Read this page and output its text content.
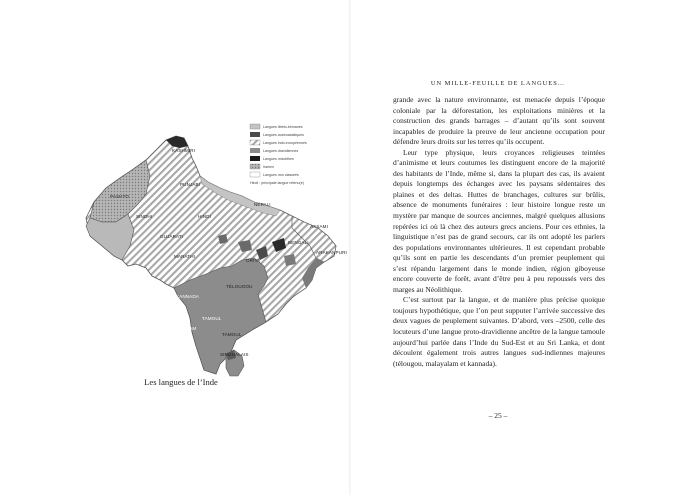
KASHMIRI
PASHTO
PUNJABI
SINDHI	HINDI
NÉPALI
ASSAMI
GUJARATI
BENGALI
ARAKANPURI
MARATHI
ORIYA
TÉLOUGOU
KANNADA
TAMOUL
MALAYALAM
TAMOUL
SINGHALAIS
Langues tibéto-birmanes
Langues austroasiatiques
Langues indo-européennes
Langues dravidiennes
Langues mixolithes
Iranien
Langues non classées
Hindi : principale langue retenu(e)
Les langues de l’Inde
UN MILLE-FEUILLE DE LANGUES…

grande avec la nature environnante, est menacée depuis l’époque coloniale par la déforestation, les exploitations minières et la construction des grands barrages – d’autant qu’ils sont souvent incapables de produire la preuve de leur ancienne occupation pour défendre leurs droits sur les terres qu’ils occupent.

Leur type physique, leurs croyances religieuses teintées d’animisme et leurs coutumes les distinguent encore de la majorité des habitants de l’Inde, même si, dans la plupart des cas, ils avaient depuis longtemps des échanges avec les paysans sédentaires des plaines et des deltas. Huttes de branchages, cultures sur brûlis, absence de monuments funéraires : leur histoire longue reste un mystère par manque de sources anciennes, malgré quelques allusions repérées ici où là chez des auteurs grecs anciens. Pour ces ethnies, la linguistique n’est pas de grand secours, car ils ont adopté les parlers des populations environnantes ultérieures. Il est cependant probable qu’ils sont en partie les descendants d’un premier peuplement qui s’est répandu largement dans le monde indien, région giboyeuse encore couverte de forêt, avant d’être peu à peu repoussés vers des marges au Néolithique.

C’est surtout par la langue, et de manière plus précise quoique toujours hypothétique, que l’on peut supputer l’arrivée successive des deux vagues de peuplement suivantes. D’abord, vers –2500, celle des locuteurs d’une langue proto-dravidienne ancêtre de la langue tamoule aujourd’hui parlée dans l’Inde du Sud-Est et au Sri Lanka, et dont découlent également trois autres langues sud-indiennes majeures (télougou, malayalam et kannada).

– 25 –
